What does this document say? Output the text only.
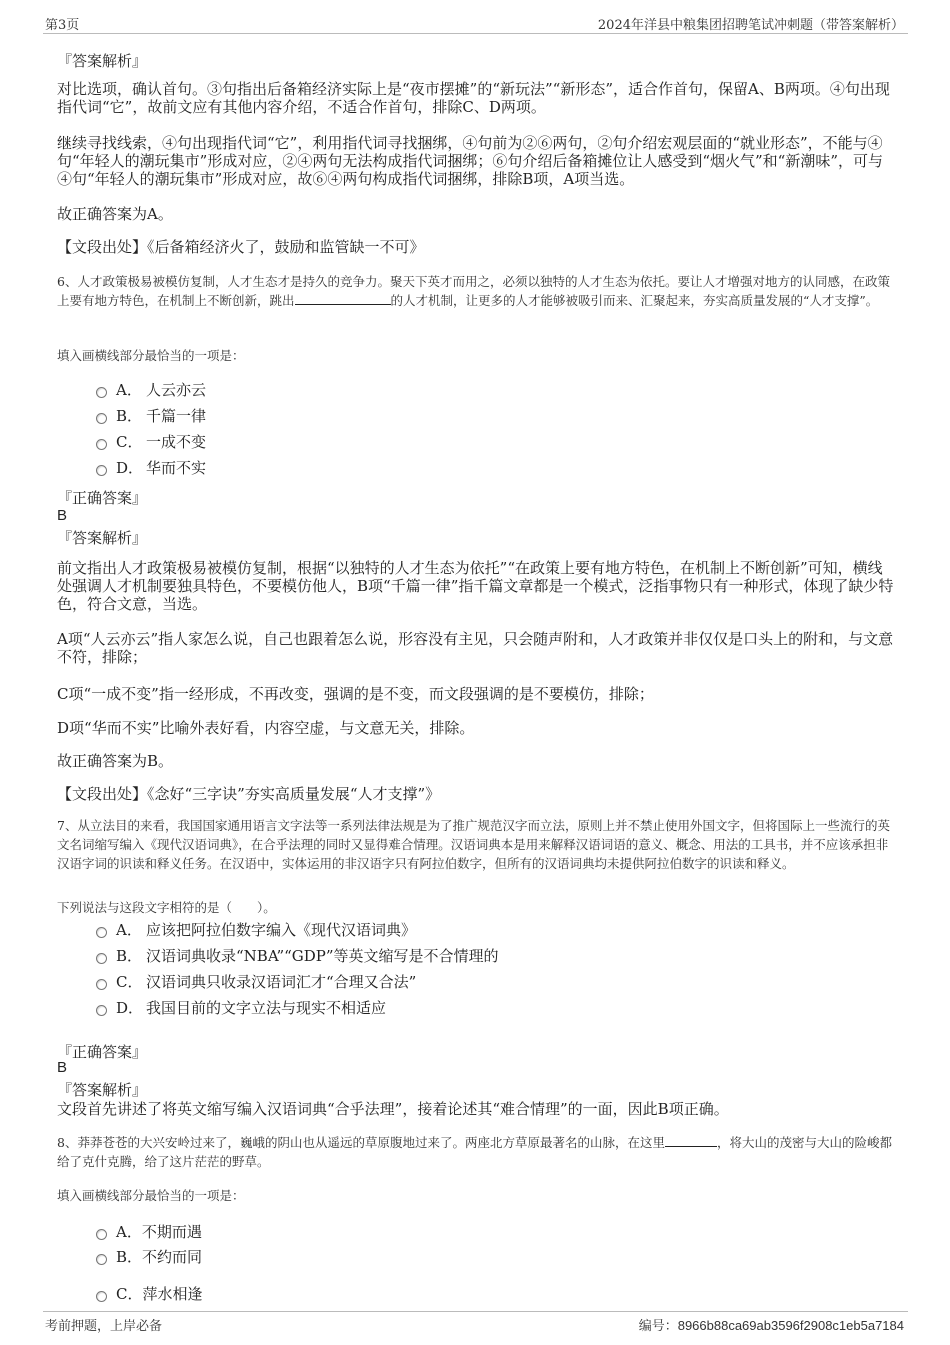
第3页	2024年洋县中粮集团招聘笔试冲刺题（带答案解析）
『答案解析』

对比选项，确认首句。③句指出后备箱经济实际上是“夜市摆摊”的“新玩法”“新形态”，适合作首句，保留A、B两项。④句出现指代词“它”，故前文应有其他内容介绍，不适合作首句，排除C、D两项。

继续寻找线索，④句出现指代词“它”，利用指代词寻找捆绑，④句前为②⑥两句，②句介绍宏观层面的“就业形态”，不能与④句“年轻人的潮玩集市”形成对应，②④两句无法构成指代词捆绑；⑥句介绍后备箱摊位让人感受到“烟火气”和“新潮味”，可与④句“年轻人的潮玩集市”形成对应，故⑥④两句构成指代词捆绑，排除B项，A项当选。

故正确答案为A。
【文段出处】《后备箱经济火了，鼓励和监管缺一不可》

6、人才政策极易被模仿复制，人才生态才是持久的竞争力。聚天下英才而用之，必须以独特的人才生态为依托。要让人才增强对地方的认同感，在政策上要有地方特色，在机制上不断创新，跳出	的人才机制，让更多的人才能够被吸引而来、汇聚起来，夯实高质量发展的“人才支撑”。

填入画横线部分最恰当的一项是：
A． 人云亦云
B． 千篇一律
C． 一成不变
D． 华而不实
『正确答案』
B
『答案解析』

前文指出人才政策极易被模仿复制，根据“以独特的人才生态为依托”“在政策上要有地方特色，在机制上不断创新”可知，横线处强调人才机制要独具特色，不要模仿他人，B项“千篇一律”指千篇文章都是一个模式，泛指事物只有一种形式，体现了缺少特色，符合文意，当选。

A项“人云亦云”指人家怎么说，自己也跟着怎么说，形容没有主见，只会随声附和，人才政策并非仅仅是口头上的附和，与文意不符，排除；

C项“一成不变”指一经形成，不再改变，强调的是不变，而文段强调的是不要模仿，排除；
D项“华而不实”比喻外表好看，内容空虚，与文意无关，排除。
故正确答案为B。
【文段出处】《念好“三字诀”夯实高质量发展“人才支撑”》

7、从立法目的来看，我国国家通用语言文字法等一系列法律法规是为了推广规范汉字而立法，原则上并不禁止使用外国文字，但将国际上一些流行的英文名词缩写编入《现代汉语词典》，在合乎法理的同时又显得难合情理。汉语词典本是用来解释汉语词语的意义、概念、用法的工具书，并不应该承担非汉语字词的识读和释义任务。在汉语中，实体运用的非汉语字只有阿拉伯数字，但所有的汉语词典均未提供阿拉伯数字的识读和释义。

下列说法与这段文字相符的是（　　）。
A． 应该把阿拉伯数字编入《现代汉语词典》
B． 汉语词典收录“NBA”“GDP”等英文缩写是不合情理的
C． 汉语词典只收录汉语词汇才“合理又合法”
D． 我国目前的文字立法与现实不相适应
『正确答案』
B
『答案解析』
文段首先讲述了将英文缩写编入汉语词典“合乎法理”，接着论述其“难合情理”的一面，因此B项正确。

8、莽莽苍苍的大兴安岭过来了，巍峨的阴山也从遥远的草原腹地过来了。两座北方草原最著名的山脉，在这里	，将大山的茂密与大山的险峻都给了克什克腾，给了这片茫茫的野草。

填入画横线部分最恰当的一项是：
A． 不期而遇
B． 不约而同
C． 萍水相逢
考前押题，上岸必备	编号：8966b88ca69ab3596f2908c1eb5a7184
